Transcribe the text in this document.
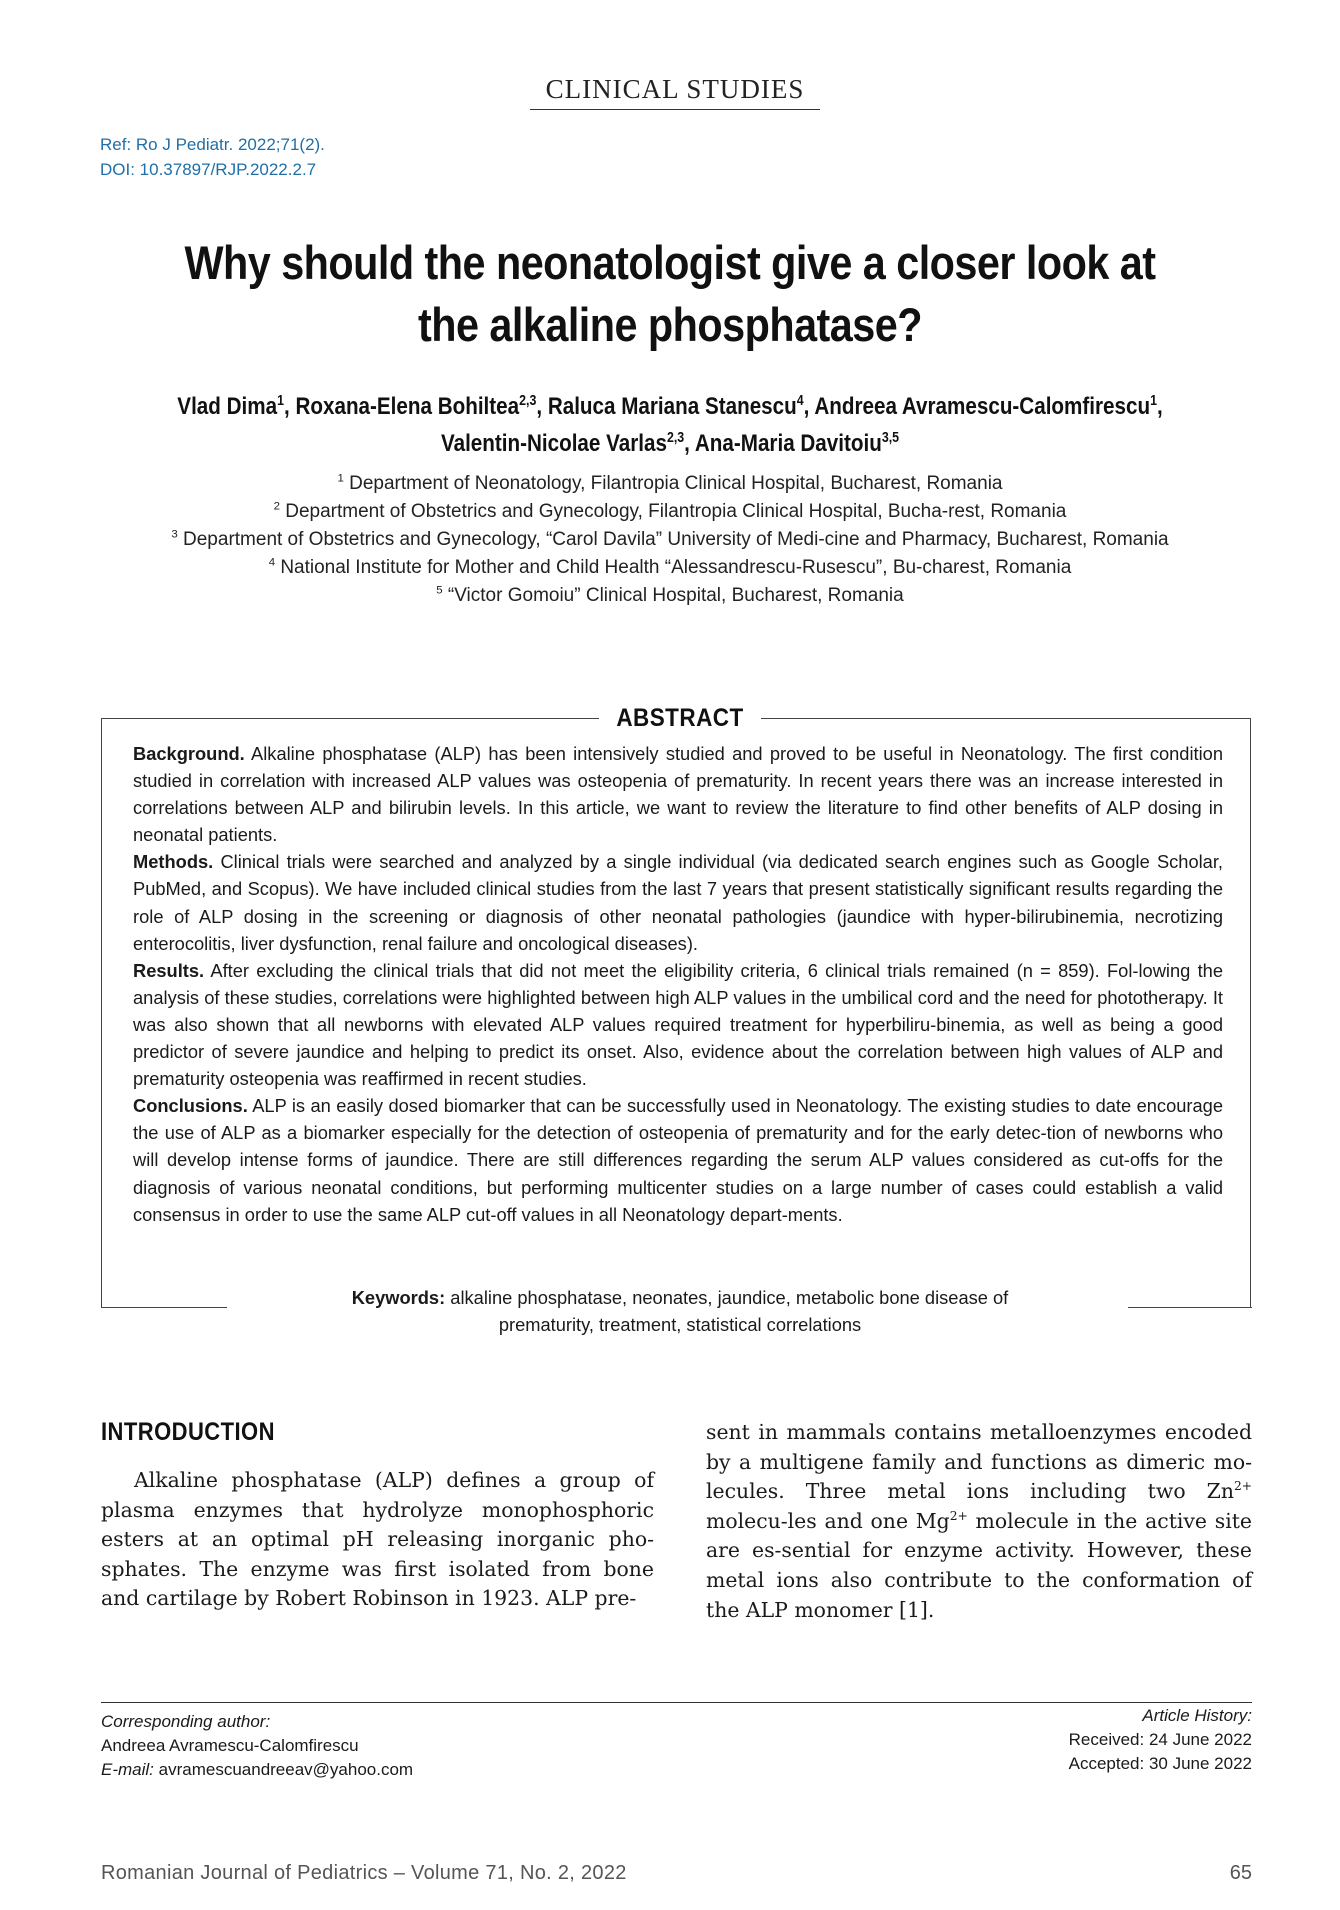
CLINICAL STUDIES
Ref: Ro J Pediatr. 2022;71(2).
DOI: 10.37897/RJP.2022.2.7
Why should the neonatologist give a closer look at the alkaline phosphatase?
Vlad Dima$^1$, Roxana-Elena Bohiltea$^{2,3}$, Raluca Mariana Stanescu$^4$, Andreea Avramescu-Calomfirescu$^1$,
Valentin-Nicolae Varlas$^{2,3}$, Ana-Maria Davitoiu$^{3,5}$
$^1$ Department of Neonatology, Filantropia Clinical Hospital, Bucharest, Romania
$^2$ Department of Obstetrics and Gynecology, Filantropia Clinical Hospital, Bucha-rest, Romania
$^3$ Department of Obstetrics and Gynecology, “Carol Davila” University of Medi-cine and Pharmacy, Bucharest, Romania
$^4$ National Institute for Mother and Child Health “Alessandrescu-Rusescu”, Bu-charest, Romania
$^5$ “Victor Gomoiu” Clinical Hospital, Bucharest, Romania
ABSTRACT

Background. Alkaline phosphatase (ALP) has been intensively studied and proved to be useful in Neonatology. The first condition studied in correlation with increased ALP values was osteopenia of prematurity. In recent years there was an increase interested in correlations between ALP and bilirubin levels. In this article, we want to review the literature to find other benefits of ALP dosing in neonatal patients.

Methods. Clinical trials were searched and analyzed by a single individual (via dedicated search engines such as Google Scholar, PubMed, and Scopus). We have included clinical studies from the last 7 years that present statistically significant results regarding the role of ALP dosing in the screening or diagnosis of other neonatal pathologies (jaundice with hyper-bilirubinemia, necrotizing enterocolitis, liver dysfunction, renal failure and oncological diseases).

Results. After excluding the clinical trials that did not meet the eligibility criteria, 6 clinical trials remained (n = 859). Fol-lowing the analysis of these studies, correlations were highlighted between high ALP values in the umbilical cord and the need for phototherapy. It was also shown that all newborns with elevated ALP values required treatment for hyperbiliru-binemia, as well as being a good predictor of severe jaundice and helping to predict its onset. Also, evidence about the correlation between high values of ALP and prematurity osteopenia was reaffirmed in recent studies.

Conclusions. ALP is an easily dosed biomarker that can be successfully used in Neonatology. The existing studies to date encourage the use of ALP as a biomarker especially for the detection of osteopenia of prematurity and for the early detec-tion of newborns who will develop intense forms of jaundice. There are still differences regarding the serum ALP values considered as cut-offs for the diagnosis of various neonatal conditions, but performing multicenter studies on a large number of cases could establish a valid consensus in order to use the same ALP cut-off values in all Neonatology depart-ments.

Keywords: alkaline phosphatase, neonates, jaundice, metabolic bone disease of
prematurity, treatment, statistical correlations
INTRODUCTION

Alkaline phosphatase (ALP) defines a group of plasma enzymes that hydrolyze monophosphoric esters at an optimal pH releasing inorganic pho-sphates. The enzyme was first isolated from bone and cartilage by Robert Robinson in 1923. ALP pre-

sent in mammals contains metalloenzymes encoded by a multigene family and functions as dimeric mo-lecules. Three metal ions including two $Zn^{2+}$ molecu-les and one $Mg^{2+}$ molecule in the active site are es-sential for enzyme activity. However, these metal ions also contribute to the conformation of the ALP monomer [1].

Corresponding author:
Andreea Avramescu-Calomfirescu
E-mail: avramescuandreeav@yahoo.com
Article History:
Received: 24 June 2022
Accepted: 30 June 2022
Romanian Journal of Pediatrics – Volume 71, No. 2, 2022	65
